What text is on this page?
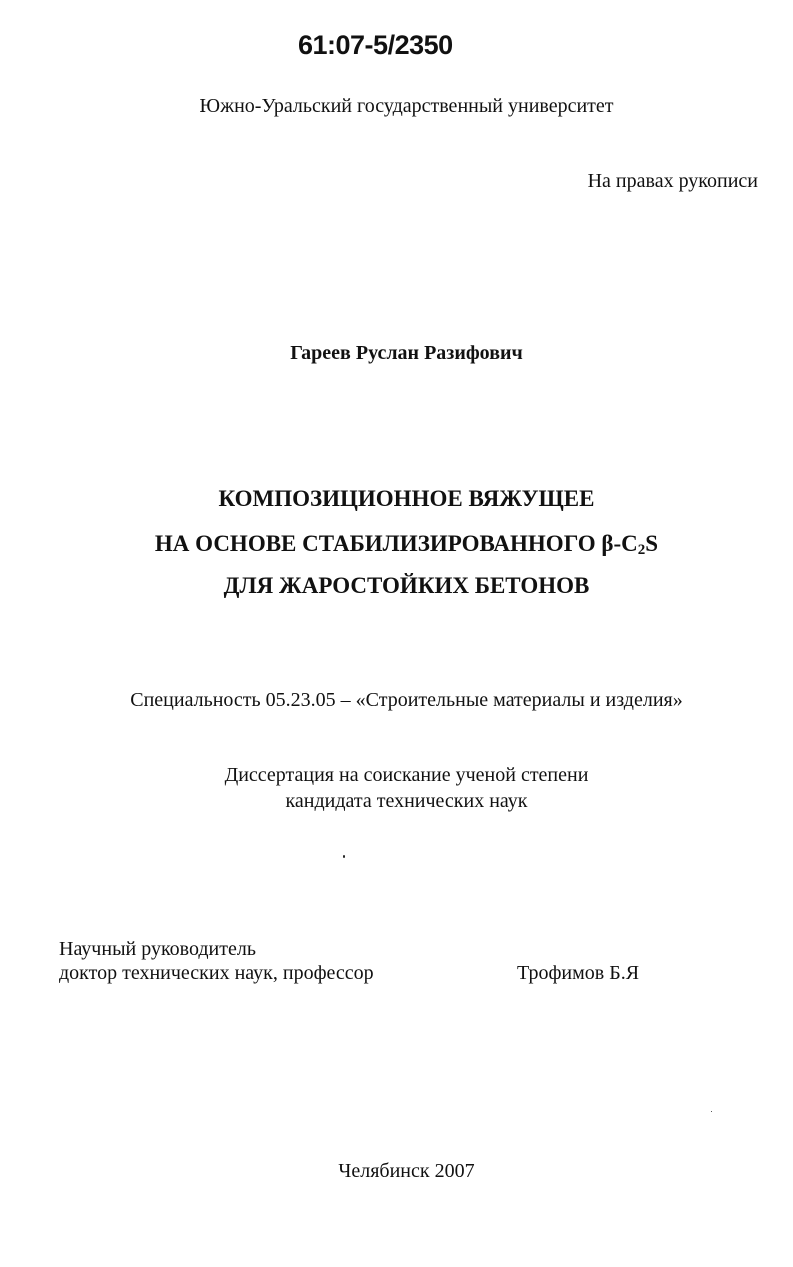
61:07-5/2350
Южно-Уральский государственный университет
На правах рукописи
Гареев Руслан Разифович
КОМПОЗИЦИОННОЕ ВЯЖУЩЕЕ
НА ОСНОВЕ СТАБИЛИЗИРОВАННОГО $\beta-С_2S$
ДЛЯ ЖАРОСТОЙКИХ БЕТОНОВ
Специальность 05.23.05 – «Строительные материалы и изделия»
Диссертация на соискание ученой степени
кандидата технических наук
Научный руководитель
доктор технических наук, профессор	Трофимов Б.Я
Челябинск 2007
